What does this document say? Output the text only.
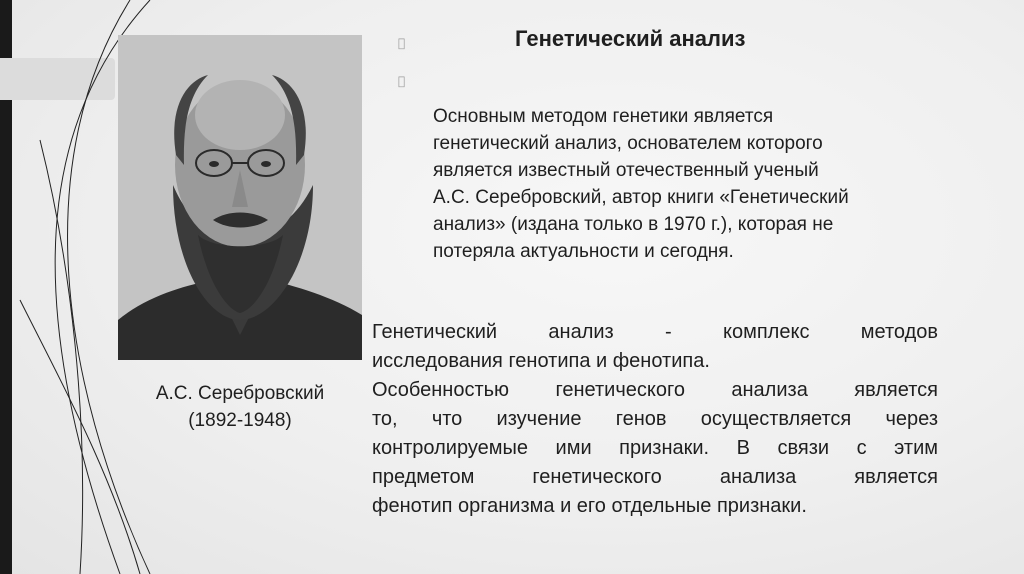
А.С. Серебровский
(1892-1948)
Генетический анализ
Основным методом генетики является
генетический анализ, основателем которого
является известный отечественный ученый
А.С. Серебровский, автор книги «Генетический
анализ» (издана только в 1970 г.), которая не
потеряла актуальности и сегодня.
Генетический анализ - комплекс методов
исследования генотипа и фенотипа.
Особенностью генетического анализа является
то, что изучение генов осуществляется через
контролируемые ими признаки. В связи с этим
предметом генетического анализа является
фенотип организма и его отдельные признаки.
